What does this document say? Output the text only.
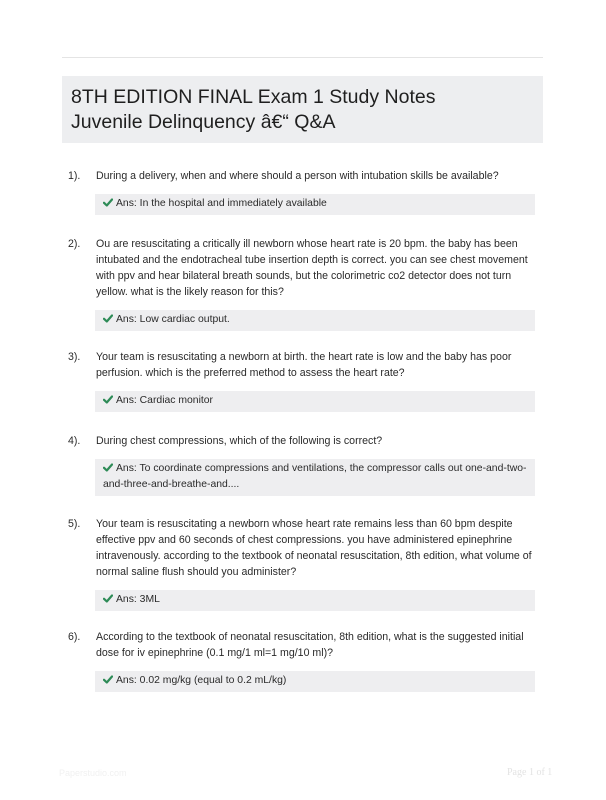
8TH EDITION FINAL Exam 1 Study Notes
Juvenile Delinquency â€“ Q&A
1). During a delivery, when and where should a person with intubation skills be available?
Ans: In the hospital and immediately available
2). Ou are resuscitating a critically ill newborn whose heart rate is 20 bpm. the baby has been intubated and the endotracheal tube insertion depth is correct. you can see chest movement with ppv and hear bilateral breath sounds, but the colorimetric co2 detector does not turn yellow. what is the likely reason for this?
Ans: Low cardiac output.
3). Your team is resuscitating a newborn at birth. the heart rate is low and the baby has poor perfusion. which is the preferred method to assess the heart rate?
Ans: Cardiac monitor
4). During chest compressions, which of the following is correct?
Ans: To coordinate compressions and ventilations, the compressor calls out one-and-two-and-three-and-breathe-and....
5). Your team is resuscitating a newborn whose heart rate remains less than 60 bpm despite effective ppv and 60 seconds of chest compressions. you have administered epinephrine intravenously. according to the textbook of neonatal resuscitation, 8th edition, what volume of normal saline flush should you administer?
Ans: 3ML
6). According to the textbook of neonatal resuscitation, 8th edition, what is the suggested initial dose for iv epinephrine (0.1 mg/1 ml=1 mg/10 ml)?
Ans: 0.02 mg/kg (equal to 0.2 mL/kg)
Paperstudio.com	Page 1 of 1
